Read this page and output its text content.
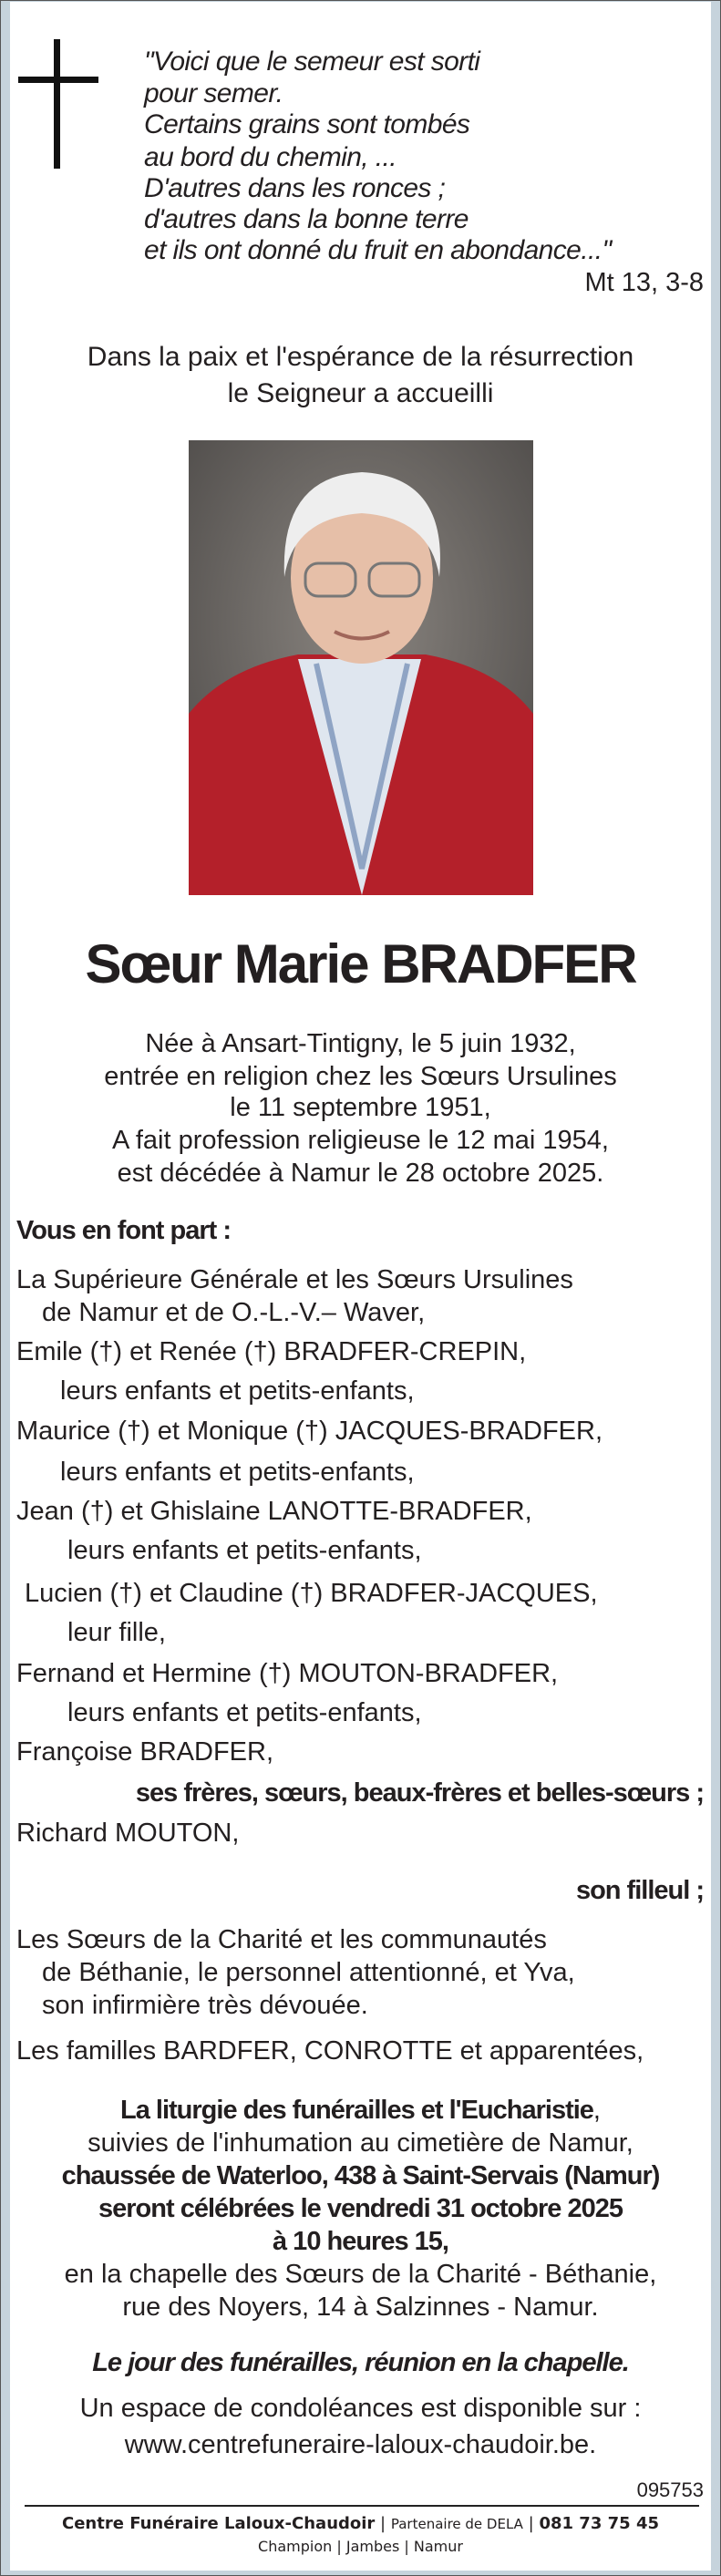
"Voici que le semeur est sorti
pour semer.
Certains grains sont tombés
au bord du chemin, ...
D'autres dans les ronces ;
d'autres dans la bonne terre
et ils ont donné du fruit en abondance..."
Mt 13, 3-8
Dans la paix et l'espérance de la résurrection
le Seigneur a accueilli
Sœur Marie BRADFER
Née à Ansart-Tintigny, le 5 juin 1932,
entrée en religion chez les Sœurs Ursulines
le 11 septembre 1951,
A fait profession religieuse le 12 mai 1954,
est décédée à Namur le 28 octobre 2025.
Vous en font part :
La Supérieure Générale et les Sœurs Ursulines
de Namur et de O.-L.-V.– Waver,
Emile (†) et Renée (†) BRADFER-CREPIN,
leurs enfants et petits-enfants,
Maurice (†) et Monique (†) JACQUES-BRADFER,
leurs enfants et petits-enfants,
Jean (†) et Ghislaine LANOTTE-BRADFER,
leurs enfants et petits-enfants,
Lucien (†) et Claudine (†) BRADFER-JACQUES,
leur fille,
Fernand et Hermine (†) MOUTON-BRADFER,
leurs enfants et petits-enfants,
Françoise BRADFER,
ses frères, sœurs, beaux-frères et belles-sœurs ;
Richard MOUTON,
son filleul ;
Les Sœurs de la Charité et les communautés
de Béthanie, le personnel attentionné, et Yva,
son infirmière très dévouée.
Les familles BARDFER, CONROTTE et apparentées,
La liturgie des funérailles et l'Eucharistie,
suivies de l'inhumation au cimetière de Namur,
chaussée de Waterloo, 438 à Saint-Servais (Namur)
seront célébrées le vendredi 31 octobre 2025
à 10 heures 15,
en la chapelle des Sœurs de la Charité - Béthanie,
rue des Noyers, 14 à Salzinnes - Namur.
Le jour des funérailles, réunion en la chapelle.
Un espace de condoléances est disponible sur :
www.centrefuneraire-laloux-chaudoir.be.
095753
Centre Funéraire Laloux-Chaudoir | Partenaire de DELA | 081 73 75 45
Champion | Jambes | Namur
